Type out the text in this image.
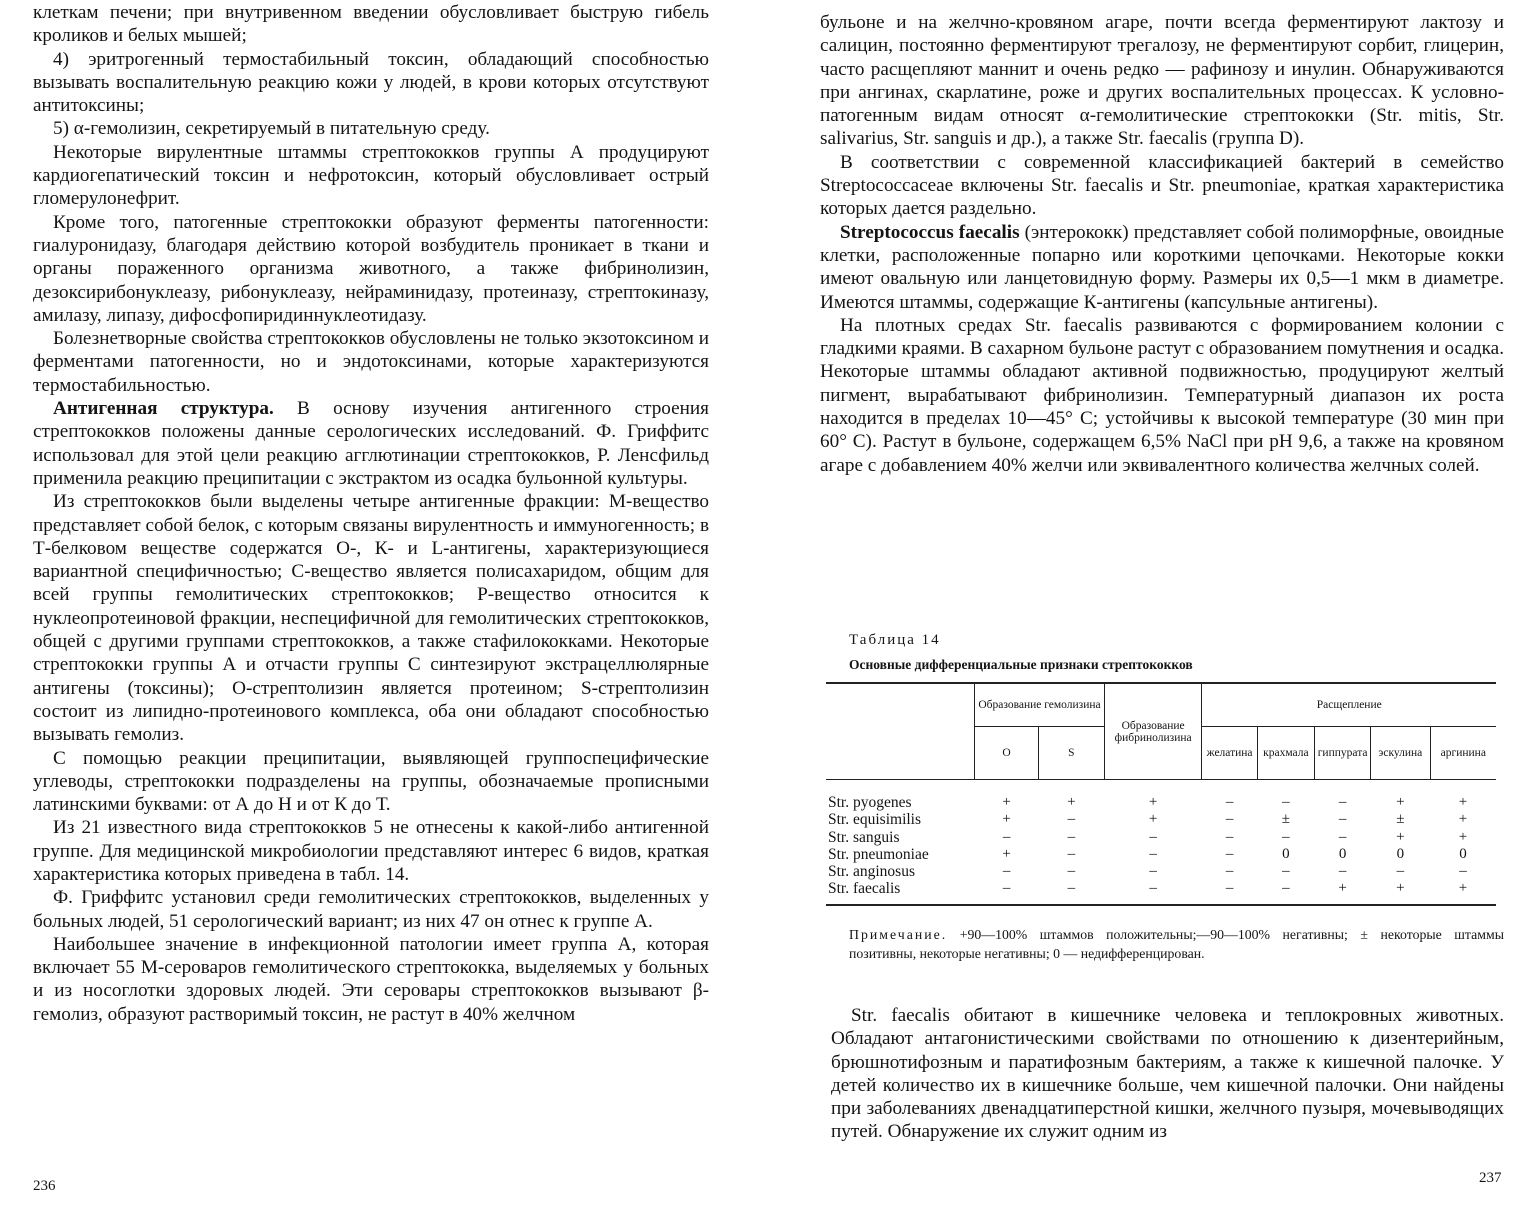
клеткам печени; при внутривенном введении обусловливает быструю гибель кроликов и белых мышей;

4) эритрогенный термостабильный токсин, обладающий способностью вызывать воспалительную реакцию кожи у людей, в крови которых отсутствуют антитоксины;

5) α-гемолизин, секретируемый в питательную среду.

Некоторые вирулентные штаммы стрептококков группы А продуцируют кардиогепатический токсин и нефротоксин, который обусловливает острый гломерулонефрит.

Кроме того, патогенные стрептококки образуют ферменты патогенности: гиалуронидазу, благодаря действию которой возбудитель проникает в ткани и органы пораженного организма животного, а также фибринолизин, дезоксирибонуклеазу, рибонуклеазу, нейраминидазу, протеиназу, стрептокиназу, амилазу, липазу, дифосфопиридиннуклеотидазу.

Болезнетворные свойства стрептококков обусловлены не только экзотоксином и ферментами патогенности, но и эндотоксинами, которые характеризуются термостабильностью.

Антигенная структура. В основу изучения антигенного строения стрептококков положены данные серологических исследований. Ф. Гриффитс использовал для этой цели реакцию агглютинации стрептококков, Р. Ленсфильд применила реакцию преципитации с экстрактом из осадка бульонной культуры.

Из стрептококков были выделены четыре антигенные фракции: М-вещество представляет собой белок, с которым связаны вирулентность и иммуногенность; в Т-белковом веществе содержатся О-, К- и L-антигены, характеризующиеся вариантной специфичностью; С-вещество является полисахаридом, общим для всей группы гемолитических стрептококков; Р-вещество относится к нуклеопротеиновой фракции, неспецифичной для гемолитических стрептококков, общей с другими группами стрептококков, а также стафилококками. Некоторые стрептококки группы А и отчасти группы С синтезируют экстрацеллюлярные антигены (токсины); О-стрептолизин является протеином; S-стрептолизин состоит из липидно-протеинового комплекса, оба они обладают способностью вызывать гемолиз.

С помощью реакции преципитации, выявляющей группоспецифические углеводы, стрептококки подразделены на группы, обозначаемые прописными латинскими буквами: от А до Н и от К до Т.

Из 21 известного вида стрептококков 5 не отнесены к какой-либо антигенной группе. Для медицинской микробиологии представляют интерес 6 видов, краткая характеристика которых приведена в табл. 14.

Ф. Гриффитс установил среди гемолитических стрептококков, выделенных у больных людей, 51 серологический вариант; из них 47 он отнес к группе А.

Наибольшее значение в инфекционной патологии имеет группа А, которая включает 55 М-сероваров гемолитического стрептококка, выделяемых у больных и из носоглотки здоровых людей. Эти серовары стрептококков вызывают β-гемолиз, образуют растворимый токсин, не растут в 40% желчном

236

бульоне и на желчно-кровяном агаре, почти всегда ферментируют лактозу и салицин, постоянно ферментируют трегалозу, не ферментируют сорбит, глицерин, часто расщепляют маннит и очень редко — рафинозу и инулин. Обнаруживаются при ангинах, скарлатине, роже и других воспалительных процессах. К условно-патогенным видам относят α-гемолитические стрептококки (Str. mitis, Str. salivarius, Str. sanguis и др.), а также Str. faecalis (группа D).

В соответствии с современной классификацией бактерий в семейство Streptococcaceae включены Str. faecalis и Str. pneumoniae, краткая характеристика которых дается раздельно.

Streptococcus faecalis (энтерококк) представляет собой полиморфные, овоидные клетки, расположенные попарно или короткими цепочками. Некоторые кокки имеют овальную или ланцетовидную форму. Размеры их 0,5—1 мкм в диаметре. Имеются штаммы, содержащие К-антигены (капсульные антигены).

На плотных средах Str. faecalis развиваются с формированием колонии с гладкими краями. В сахарном бульоне растут с образованием помутнения и осадка. Некоторые штаммы обладают активной подвижностью, продуцируют желтый пигмент, вырабатывают фибринолизин. Температурный диапазон их роста находится в пределах 10—45° С; устойчивы к высокой температуре (30 мин при 60° С). Растут в бульоне, содержащем 6,5% NaCl при pH 9,6, а также на кровяном агаре с добавлением 40% желчи или эквивалентного количества желчных солей.

Таблица 14
Основные дифференциальные признаки стрептококков
	Образование гемолизина		Образование фибринолизина	Расщепление				
	O	S		желатина	крахмала	гиппурата	эскулина	аргинина
Str. pyogenes	+	+	+	–	–	–	+	+
Str. equisimilis	+	–	+	–	±	–	±	+
Str. sanguis	–	–	–	–	–	–	+	+
Str. pneumoniae	+	–	–	–	0	0	0	0
Str. anginosus	–	–	–	–	–	–	–	–
Str. faecalis	–	–	–	–	–	+	+	+
Примечание. +90—100% штаммов положительны;—90—100% негативны; ± некоторые штаммы позитивны, некоторые негативны; 0 — недифференцирован.

Str. faecalis обитают в кишечнике человека и теплокровных животных. Обладают антагонистическими свойствами по отношению к дизентерийным, брюшнотифозным и паратифозным бактериям, а также к кишечной палочке. У детей количество их в кишечнике больше, чем кишечной палочки. Они найдены при заболеваниях двенадцатиперстной кишки, желчного пузыря, мочевыводящих путей. Обнаружение их служит одним из

237
